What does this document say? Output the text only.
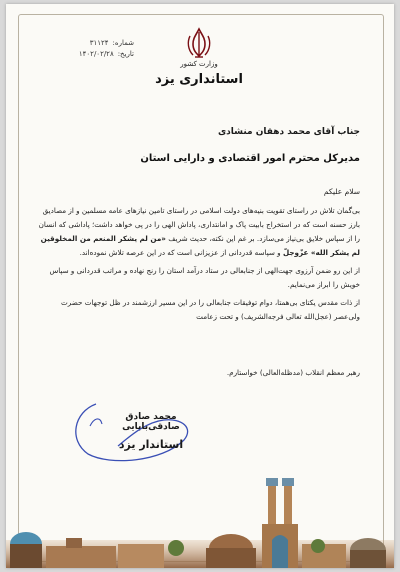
وزارت کشور
استانداری یزد
شماره:
۳۱۱۲۴
تاریخ:
۱۴۰۲/۰۲/۲۸
جناب آقای محمد دهقان منشادی
مدیرکل محترم امور اقتصادی و دارایی استان
سلام علیکم

بی‌گمان تلاش در راستای تقویت بنیه‌های دولت اسلامی در راستای تامین نیازهای عامه مسلمین و از مصادیق بارز حسنه است که در استخراج بابیت پاک و امانتداری، پاداش الهی را در پی خواهد داشت؛ پاداشی که انسان را از سپاس خلایق بی‌نیاز می‌سازد. بر غم این نکته، حدیث شریف «من لم یشکر المنعم من المخلوقین لم یشکر الله» عزّوجلّ و سپاسه قدردانی از عزیزانی است که در این عرصه تلاش نموده‌اند.

از این رو ضمن آرزوی جهت‌الهی از جنابعالی در ستاد درآمد استان را رنج نهاده و مراتب قدردانی و سپاس خویش را ابراز می‌نمایم.

از ذات مقدس یکتای بی‌همتا، دوام توفیقات جنابعالی را در این مسیر ارزشمند در ظل توجهات حضرت ولی‌عصر (عجل‌الله تعالی فرجه‌الشریف) و تحت زعامت

رهبر معظم انقلاب (مدظله‌العالی) خواستارم.
محمد صادق صادقی‌بابایی
استاندار یزد
